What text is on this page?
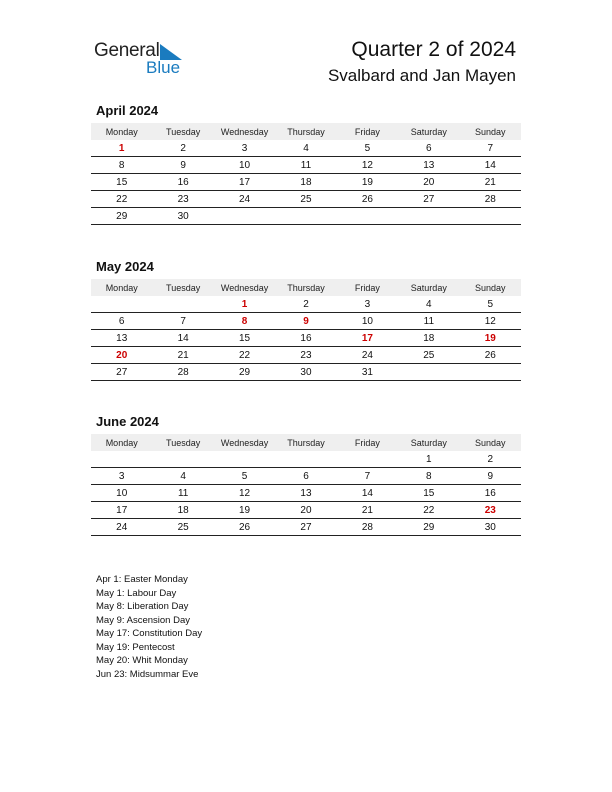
General
Blue
Quarter 2 of 2024
Svalbard and Jan Mayen
April 2024
Monday	Tuesday	Wednesday	Thursday	Friday	Saturday	Sunday
1	2	3	4	5	6	7
8	9	10	11	12	13	14
15	16	17	18	19	20	21
22	23	24	25	26	27	28
29	30					
May 2024
Monday	Tuesday	Wednesday	Thursday	Friday	Saturday	Sunday
		1	2	3	4	5
6	7	8	9	10	11	12
13	14	15	16	17	18	19
20	21	22	23	24	25	26
27	28	29	30	31		
June 2024
Monday	Tuesday	Wednesday	Thursday	Friday	Saturday	Sunday
					1	2
3	4	5	6	7	8	9
10	11	12	13	14	15	16
17	18	19	20	21	22	23
24	25	26	27	28	29	30
Apr 1: Easter Monday
May 1: Labour Day
May 8: Liberation Day
May 9: Ascension Day
May 17: Constitution Day
May 19: Pentecost
May 20: Whit Monday
Jun 23: Midsummar Eve
